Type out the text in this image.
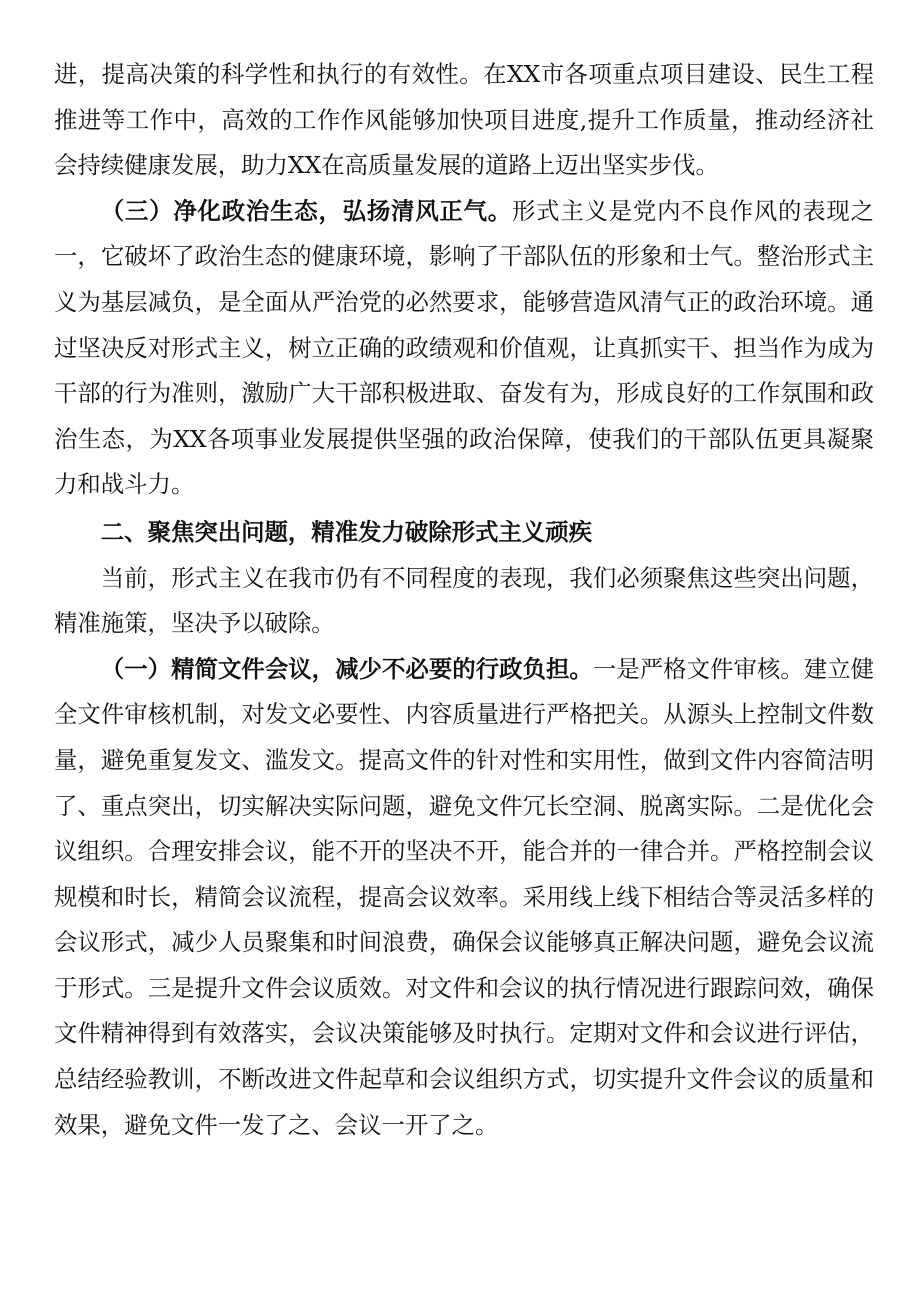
进，提高决策的科学性和执行的有效性。在XX市各项重点项目建设、民生工程推进等工作中，高效的工作作风能够加快项目进度,提升工作质量，推动经济社会持续健康发展，助力XX在高质量发展的道路上迈出坚实步伐。

（三）净化政治生态，弘扬清风正气。形式主义是党内不良作风的表现之一，它破坏了政治生态的健康环境，影响了干部队伍的形象和士气。整治形式主义为基层减负，是全面从严治党的必然要求，能够营造风清气正的政治环境。通过坚决反对形式主义，树立正确的政绩观和价值观，让真抓实干、担当作为成为干部的行为准则，激励广大干部积极进取、奋发有为，形成良好的工作氛围和政治生态，为XX各项事业发展提供坚强的政治保障，使我们的干部队伍更具凝聚力和战斗力。

二、聚焦突出问题，精准发力破除形式主义顽疾

当前，形式主义在我市仍有不同程度的表现，我们必须聚焦这些突出问题，精准施策，坚决予以破除。

（一）精简文件会议，减少不必要的行政负担。一是严格文件审核。建立健全文件审核机制，对发文必要性、内容质量进行严格把关。从源头上控制文件数量，避免重复发文、滥发文。提高文件的针对性和实用性，做到文件内容简洁明了、重点突出，切实解决实际问题，避免文件冗长空洞、脱离实际。二是优化会议组织。合理安排会议，能不开的坚决不开，能合并的一律合并。严格控制会议规模和时长，精简会议流程，提高会议效率。采用线上线下相结合等灵活多样的会议形式，减少人员聚集和时间浪费，确保会议能够真正解决问题，避免会议流于形式。三是提升文件会议质效。对文件和会议的执行情况进行跟踪问效，确保文件精神得到有效落实，会议决策能够及时执行。定期对文件和会议进行评估，总结经验教训，不断改进文件起草和会议组织方式，切实提升文件会议的质量和效果，避免文件一发了之、会议一开了之。
